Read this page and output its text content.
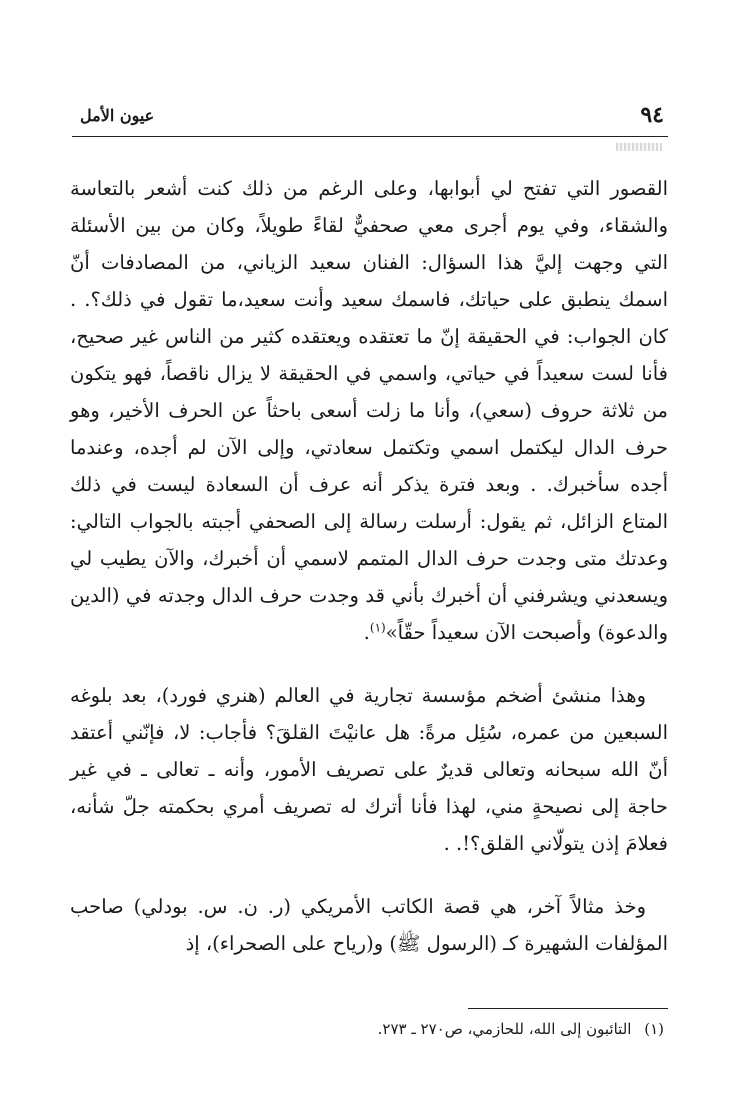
٩٤
عيون الأمل

القصور التي تفتح لي أبوابها، وعلى الرغم من ذلك كنت أشعر بالتعاسة والشقاء، وفي يوم أجرى معي صحفيٌّ لقاءً طويلاً، وكان من بين الأسئلة التي وجهت إليَّ هذا السؤال: الفنان سعيد الزياني، من المصادفات أنّ اسمك ينطبق على حياتك، فاسمك سعيد وأنت سعيد،ما تقول في ذلك؟. . كان الجواب: في الحقيقة إنّ ما تعتقده ويعتقده كثير من الناس غير صحيح، فأنا لست سعيداً في حياتي، واسمي في الحقيقة لا يزال ناقصاً، فهو يتكون من ثلاثة حروف (سعي)، وأنا ما زلت أسعى باحثاً عن الحرف الأخير، وهو حرف الدال ليكتمل اسمي وتكتمل سعادتي، وإلى الآن لم أجده، وعندما أجده سأخبرك. . وبعد فترة يذكر أنه عرف أن السعادة ليست في ذلك المتاع الزائل، ثم يقول: أرسلت رسالة إلى الصحفي أجبته بالجواب التالي: وعدتك متى وجدت حرف الدال المتمم لاسمي أن أخبرك، والآن يطيب لي ويسعدني ويشرفني أن أخبرك بأني قد وجدت حرف الدال وجدته في (الدين والدعوة) وأصبحت الآن سعيداً حقّاً»$^{(١)}$.

وهذا منشئ أضخم مؤسسة تجارية في العالم (هنري فورد)، بعد بلوغه السبعين من عمره، سُئِل مرةً: هل عانيْتَ القلقَ؟ فأجاب: لا، فإنّني أعتقد أنّ الله سبحانه وتعالى قديرٌ على تصريف الأمور، وأنه ـ تعالى ـ في غير حاجة إلى نصيحةٍ مني، لهذا فأنا أترك له تصريف أمري بحكمته جلّ شأنه، فعلامَ إذن يتولّاني القلق؟!. .

وخذ مثالاً آخر، هي قصة الكاتب الأمريكي (ر. ن. س. بودلي) صاحب المؤلفات الشهيرة كـ (الرسول ﷺ) و(رياح على الصحراء)، إذ

(١) التائبون إلى الله، للحازمي، ص٢٧٠ ـ ٢٧٣.
